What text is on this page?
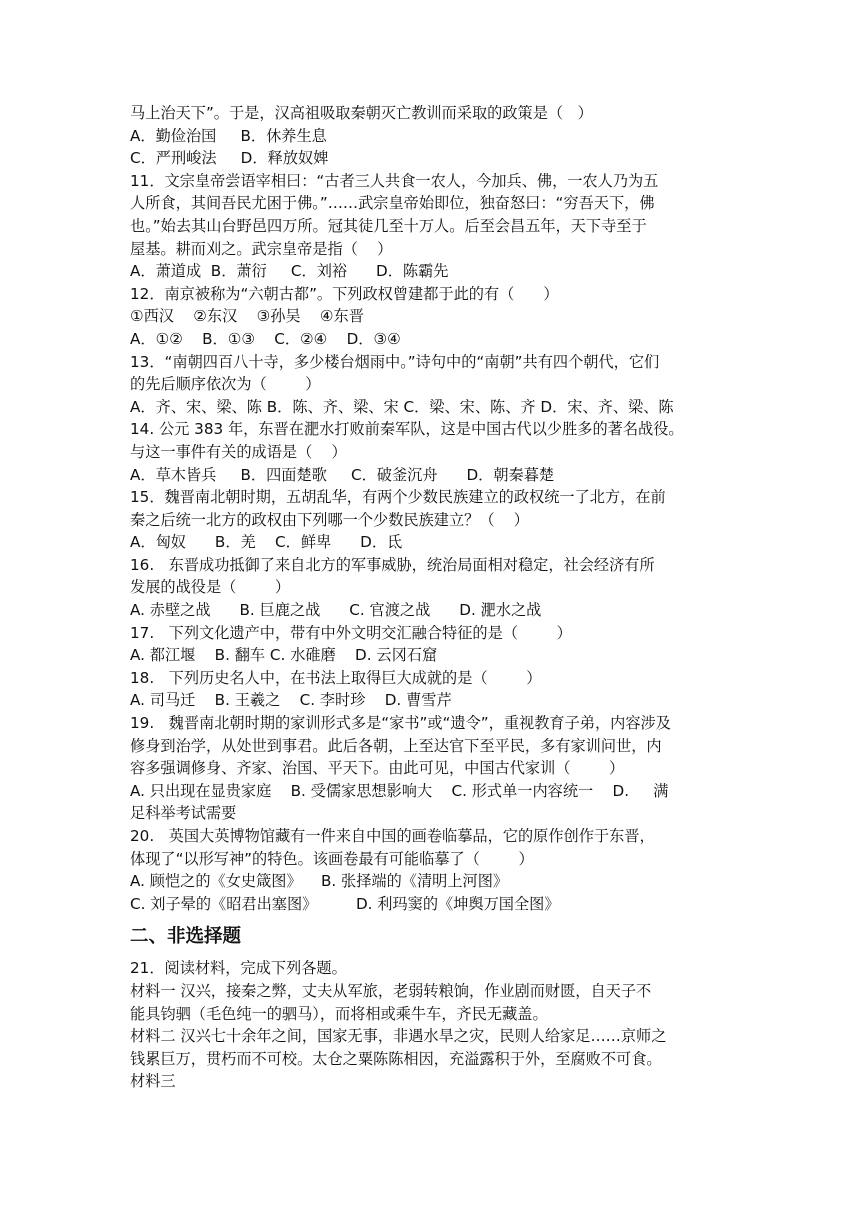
马上治天下”。于是，汉高祖吸取秦朝灭亡教训而采取的政策是（   ）
A．勤俭治国     B．休养生息
C．严刑峻法     D．释放奴婢
11．文宗皇帝尝语宰相曰：“古者三人共食一农人，今加兵、佛，一农人乃为五
人所食，其间吾民尤困于佛。”……武宗皇帝始即位，独奋怒曰：“穷吾天下，佛
也。”始去其山台野邑四万所。冠其徒几至十万人。后至会昌五年，天下寺至于
屋基。耕而刈之。武宗皇帝是指（    ）
A．萧道成  B．萧衍     C．刘裕      D．陈霸先
12．南京被称为“六朝古都”。下列政权曾建都于此的有（      ）
①西汉    ②东汉    ③孙吴    ④东晋
A．①②    B．①③    C．②④    D．③④
13．“南朝四百八十寺，多少楼台烟雨中。”诗句中的“南朝”共有四个朝代，它们
的先后顺序依次为（        ）
A．齐、宋、梁、陈 B．陈、齐、梁、宋 C．梁、宋、陈、齐 D．宋、齐、梁、陈
14. 公元 383 年，东晋在淝水打败前秦军队，这是中国古代以少胜多的著名战役。
与这一事件有关的成语是（    ）
A．草木皆兵     B．四面楚歌     C．破釜沉舟      D．朝秦暮楚
15．魏晋南北朝时期，五胡乱华，有两个少数民族建立的政权统一了北方，在前
秦之后统一北方的政权由下列哪一个少数民族建立？（    ）
A．匈奴      B．羌    C．鲜卑      D．氐
16.   东晋成功抵御了来自北方的军事威胁，统治局面相对稳定，社会经济有所
发展的战役是（        ）
A. 赤壁之战      B. 巨鹿之战      C. 官渡之战      D. 淝水之战
17.   下列文化遗产中，带有中外文明交汇融合特征的是（        ）
A. 都江堰    B. 翻车 C. 水碓磨    D. 云冈石窟
18.   下列历史名人中，在书法上取得巨大成就的是（        ）
A. 司马迁    B. 王羲之    C. 李时珍    D. 曹雪芹
19.   魏晋南北朝时期的家训形式多是“家书”或“遗令”，重视教育子弟，内容涉及
修身到治学，从处世到事君。此后各朝，上至达官下至平民，多有家训问世，内
容多强调修身、齐家、治国、平天下。由此可见，中国古代家训（        ）
A. 只出现在显贵家庭    B. 受儒家思想影响大    C. 形式单一内容统一    D.     满
足科举考试需要
20.   英国大英博物馆藏有一件来自中国的画卷临摹品，它的原作创作于东晋，
体现了“以形写神”的特色。该画卷最有可能临摹了（        ）
A. 顾恺之的《女史箴图》    B. 张择端的《清明上河图》
C. 刘子晕的《昭君出塞图》        D. 利玛窦的《坤舆万国全图》
二、非选择题
21．阅读材料，完成下列各题。
材料一 汉兴，接秦之弊，丈夫从军旅，老弱转粮饷，作业剧而财匮，自天子不
能具钧驷（毛色纯一的驷马），而将相或乘牛车，齐民无藏盖。
材料二 汉兴七十余年之间，国家无事，非遇水旱之灾，民则人给家足……京师之
钱累巨万，贯朽而不可校。太仓之粟陈陈相因，充溢露积于外，至腐败不可食。
材料三
